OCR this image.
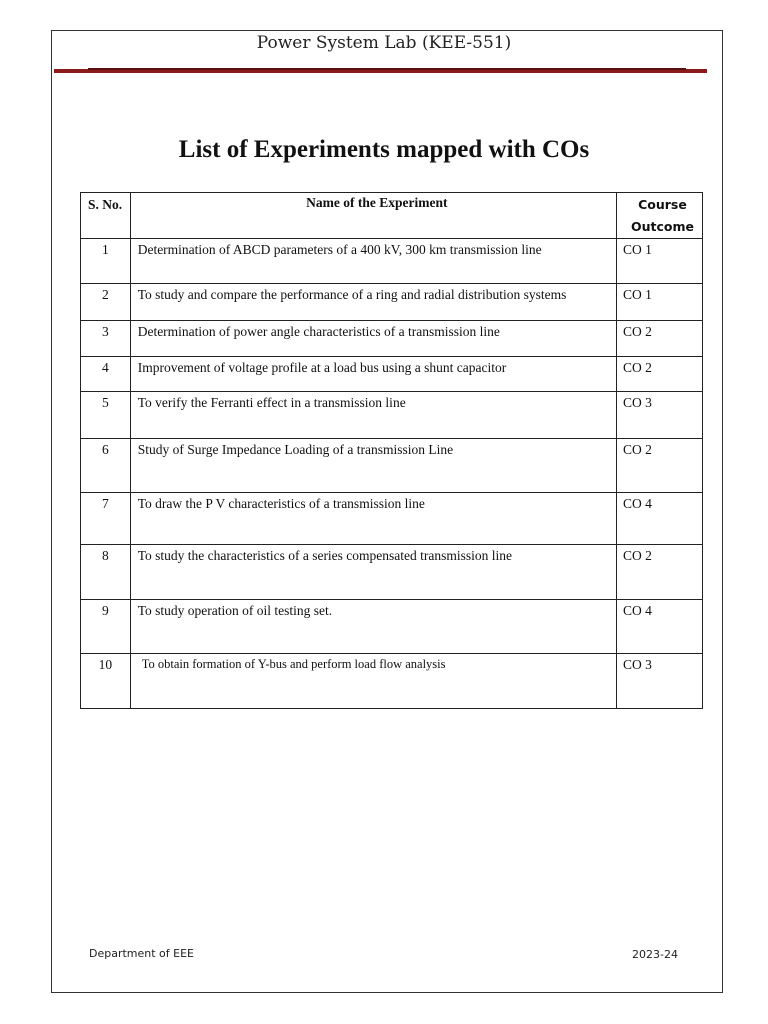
Power System Lab (KEE-551)
List of Experiments mapped with COs
S. No.	Name of the Experiment	Course Outcome
1	Determination of ABCD parameters of a 400 kV, 300 km transmission line	CO 1
2	To study and compare the performance of a ring and radial distribution systems	CO 1
3	Determination of power angle characteristics of a transmission line	CO 2
4	Improvement of voltage profile at a load bus using a shunt capacitor	CO 2
5	To verify the Ferranti effect in a transmission line	CO 3
6	Study of Surge Impedance Loading of a transmission Line	CO 2
7	To draw the P V characteristics of a transmission line	CO 4
8	To study the characteristics of a series compensated transmission line	CO 2
9	To study operation of oil testing set.	CO 4
10	To obtain formation of Y-bus and perform load flow analysis	CO 3
Department of EEE	2023-24
